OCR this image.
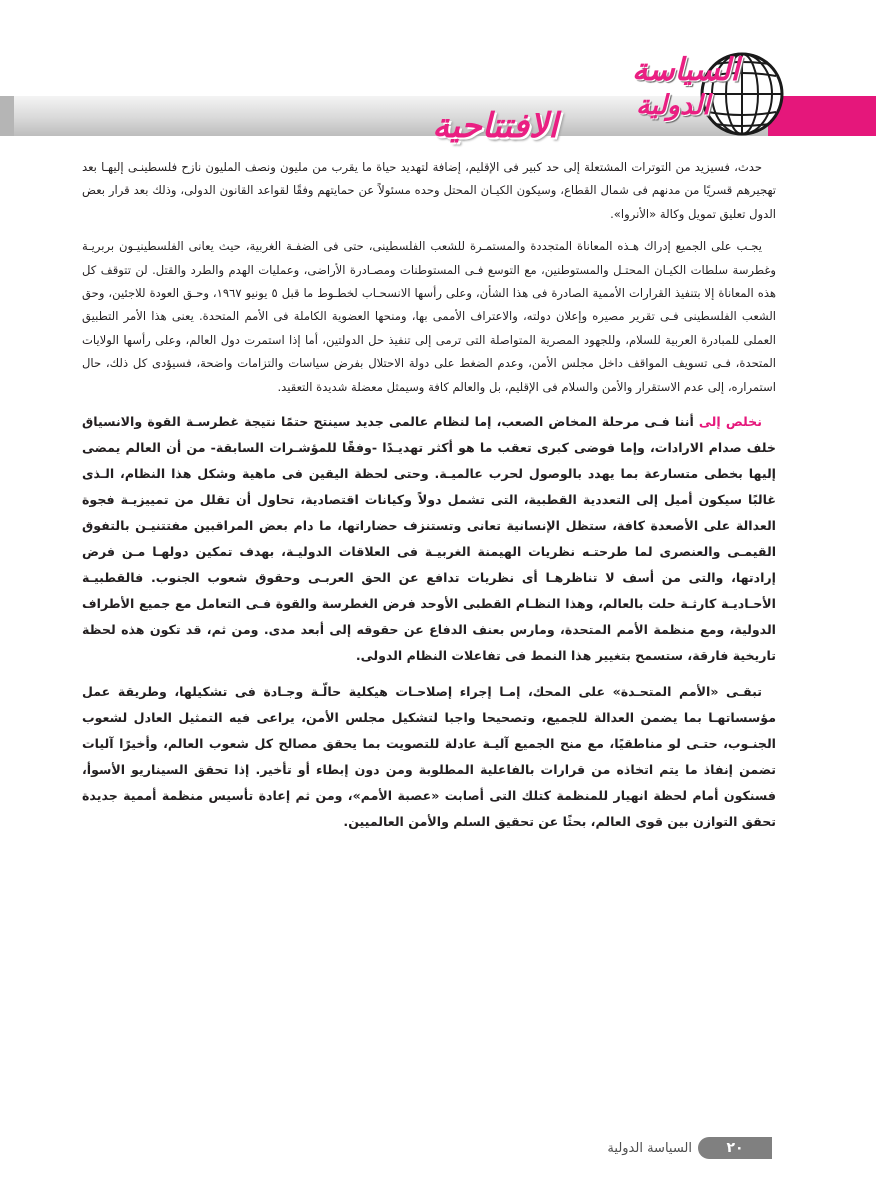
السياسة
الدولية
الافتتاحية

حدث، فسيزيد من التوترات المشتعلة إلى حد كبير فى الإقليم، إضافة لتهديد حياة ما يقرب من مليون ونصف المليون نازح فلسطينـى إليهـا بعد تهجيرهم قسريًا من مدنهم فى شمال القطاع، وسيكون الكيـان المحتل وحده مسئولاً عن حمايتهم وفقًا لقواعد القانون الدولى، وذلك بعد قرار بعض الدول تعليق تمويل وكالة «الأنروا».

يجـب على الجميع إدراك هـذه المعاناة المتجددة والمستمـرة للشعب الفلسطينى، حتى فى الضفـة الغربية، حيث يعانى الفلسطينيـون بربريـة وغطرسة سلطات الكيـان المحتـل والمستوطنين، مع التوسع فـى المستوطنات ومصـادرة الأراضى، وعمليات الهدم والطرد والقتل. لن تتوقف كل هذه المعاناة إلا بتنفيذ القرارات الأممية الصادرة فى هذا الشأن، وعلى رأسها الانسحـاب لخطـوط ما قبل ٥ يونيو ١٩٦٧، وحـق العودة للاجئين، وحق الشعب الفلسطينى فـى تقرير مصيره وإعلان دولته، والاعتراف الأممى بها، ومنحها العضوية الكاملة فى الأمم المتحدة. يعنى هذا الأمر التطبيق العملى للمبادرة العربية للسلام، وللجهود المصرية المتواصلة التى ترمى إلى تنفيذ حل الدولتين، أما إذا استمرت دول العالم، وعلى رأسها الولايات المتحدة، فـى تسويف المواقف داخل مجلس الأمن، وعدم الضغط على دولة الاحتلال بفرض سياسات والتزامات واضحة، فسيؤدى كل ذلك، حال استمراره، إلى عدم الاستقرار والأمن والسلام فى الإقليم، بل والعالم كافة وسيمثل معضلة شديدة التعقيد.

نخلص إلى أننا فـى مرحلة المخاض الصعب، إما لنظام عالمى جديد سينتج حتمًا نتيجة غطرسـة القوة والانسياق خلف صدام الارادات، وإما فوضى كبرى تعقب ما هو أكثر تهديـدًا -وفقًا للمؤشـرات السابقة- من أن العالم يمضى إليها بخطى متسارعة بما يهدد بالوصول لحرب عالميـة. وحتى لحظة اليقين فى ماهية وشكل هذا النظام، الـذى غالبًا سيكون أميل إلى التعددية القطبية، التى تشمل دولاً وكيانات اقتصادية، تحاول أن تقلل من تمييزيـة فجوة العدالة على الأصعدة كافة، ستظل الإنسانية تعانى وتستنزف حضاراتها، ما دام بعض المراقبين مفتتنيـن بالتفوق القيمـى والعنصرى لما طرحتـه نظريات الهيمنة الغربيـة فى العلاقات الدوليـة، بهدف تمكين دولهـا مـن فرض إرادتها، والتى من أسف لا تناظرهـا أى نظريات تدافع عن الحق العربـى وحقوق شعوب الجنوب. فالقطبيـة الأحـاديـة كارثـة حلت بالعالم، وهذا النظـام القطبى الأوحد فرض الغطرسة والقوة فـى التعامل مع جميع الأطراف الدولية، ومع منظمة الأمم المتحدة، ومارس بعنف الدفاع عن حقوقه إلى أبعد مدى. ومن ثم، قد تكون هذه لحظة تاريخية فارقة، ستسمح بتغيير هذا النمط فى تفاعلات النظام الدولى.

تبقـى «الأمم المتحـدة» على المحك، إمـا إجراء إصلاحـات هيكلية حالّـة وجـادة فى تشكيلها، وطريقة عمل مؤسساتهـا بما يضمن العدالة للجميع، وتصحيحا واجبا لتشكيل مجلس الأمن، يراعى فيه التمثيل العادل لشعوب الجنـوب، حتـى لو مناطقيًا، مع منح الجميع آليـة عادلة للتصويت بما يحقق مصالح كل شعوب العالم، وأخيرًا آليات تضمن إنفاذ ما يتم اتخاذه من قرارات بالفاعلية المطلوبة ومن دون إبطاء أو تأخير. إذا تحقق السيناريو الأسوأ، فسنكون أمام لحظة انهيار للمنظمة كتلك التى أصابت «عصبة الأمم»، ومن ثم إعادة تأسيس منظمة أممية جديدة تحقق التوازن بين قوى العالم، بحثًا عن تحقيق السلم والأمن العالميين.

٢٠
السياسة الدولية
